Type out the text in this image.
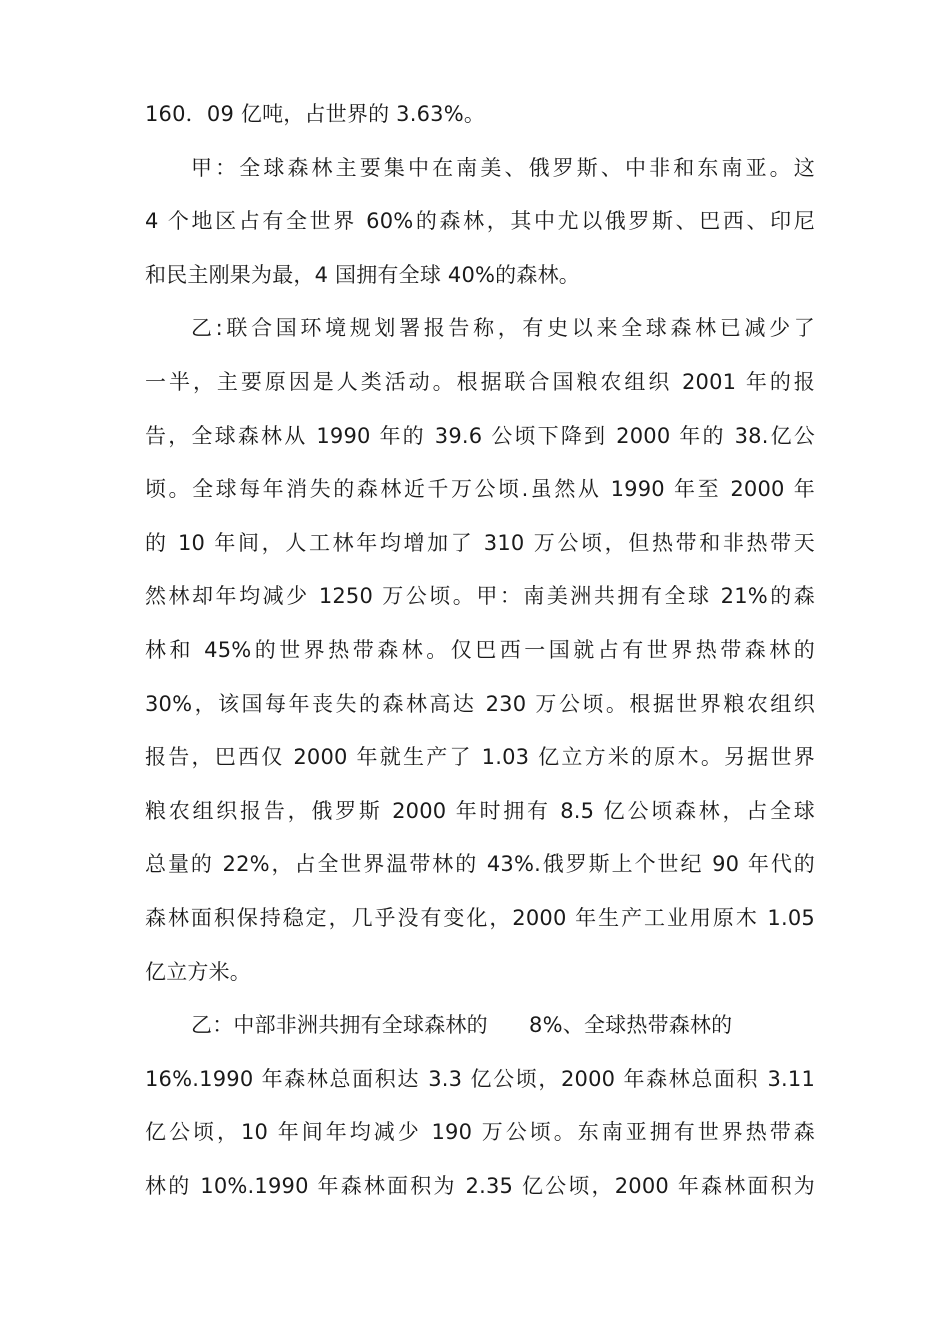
160．09 亿吨，占世界的 3.63%。
甲：全球森林主要集中在南美、俄罗斯、中非和东南亚。这
4 个地区占有全世界 60%的森林，其中尤以俄罗斯、巴西、印尼
和民主刚果为最，4 国拥有全球 40%的森林。
乙:联合国环境规划署报告称，有史以来全球森林已减少了
一半，主要原因是人类活动。根据联合国粮农组织 2001 年的报
告，全球森林从 1990 年的 39.6 公顷下降到 2000 年的 38.亿公
顷。全球每年消失的森林近千万公顷.虽然从 1990 年至 2000 年
的 10 年间，人工林年均增加了 310 万公顷，但热带和非热带天
然林却年均减少 1250 万公顷。甲：南美洲共拥有全球 21%的森
林和 45%的世界热带森林。仅巴西一国就占有世界热带森林的
30%，该国每年丧失的森林高达 230 万公顷。根据世界粮农组织
报告，巴西仅 2000 年就生产了 1.03 亿立方米的原木。另据世界
粮农组织报告，俄罗斯 2000 年时拥有 8.5 亿公顷森林，占全球
总量的 22%，占全世界温带林的 43%.俄罗斯上个世纪 90 年代的
森林面积保持稳定，几乎没有变化，2000 年生产工业用原木 1.05
亿立方米。
乙：中部非洲共拥有全球森林的      8%、全球热带森林的
16%.1990 年森林总面积达 3.3 亿公顷，2000 年森林总面积 3.11
亿公顷，10 年间年均减少 190 万公顷。东南亚拥有世界热带森
林的 10%.1990 年森林面积为 2.35 亿公顷，2000 年森林面积为
